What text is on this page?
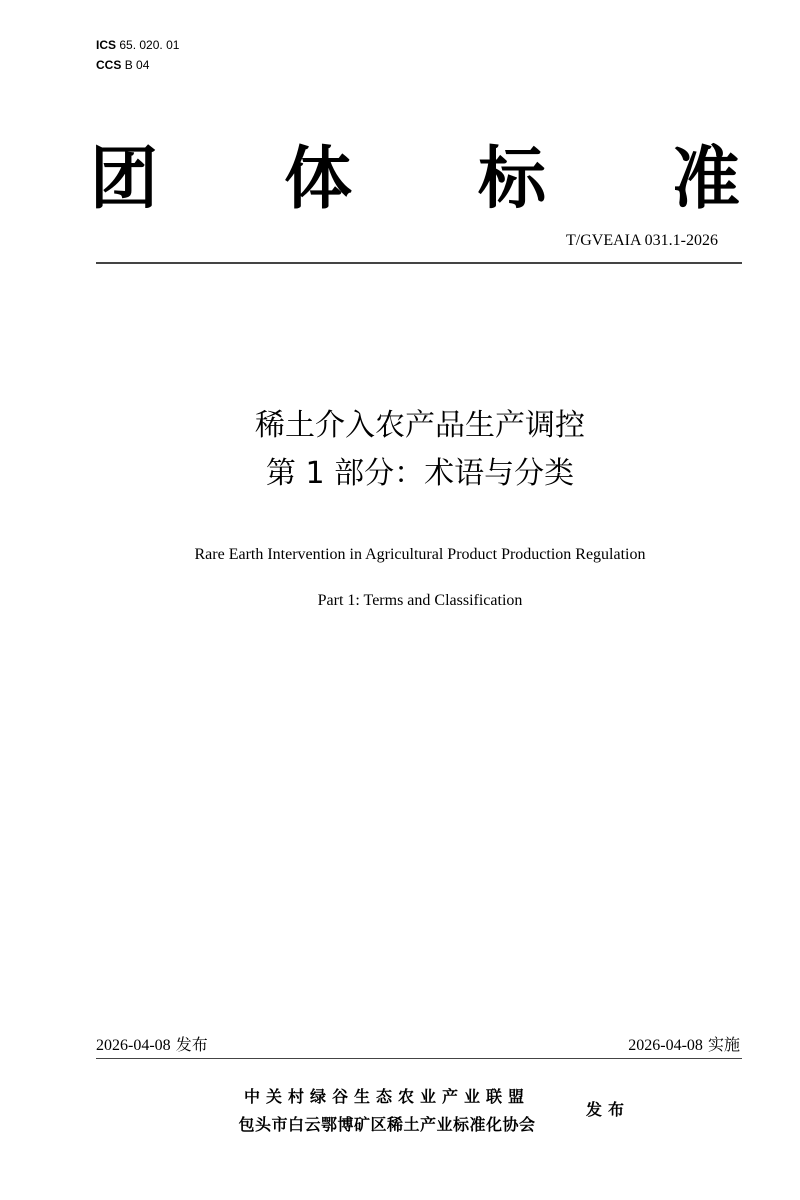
ICS 65. 020. 01
CCS B 04
团 体 标 准
T/GVEAIA 031.1-2026
稀土介入农产品生产调控
第 1 部分：术语与分类
Rare Earth Intervention in Agricultural Product Production Regulation
Part 1: Terms and Classification
2026-04-08 发布	2026-04-08 实施
中关村绿谷生态农业产业联盟
包头市白云鄂博矿区稀土产业标准化协会
发布
